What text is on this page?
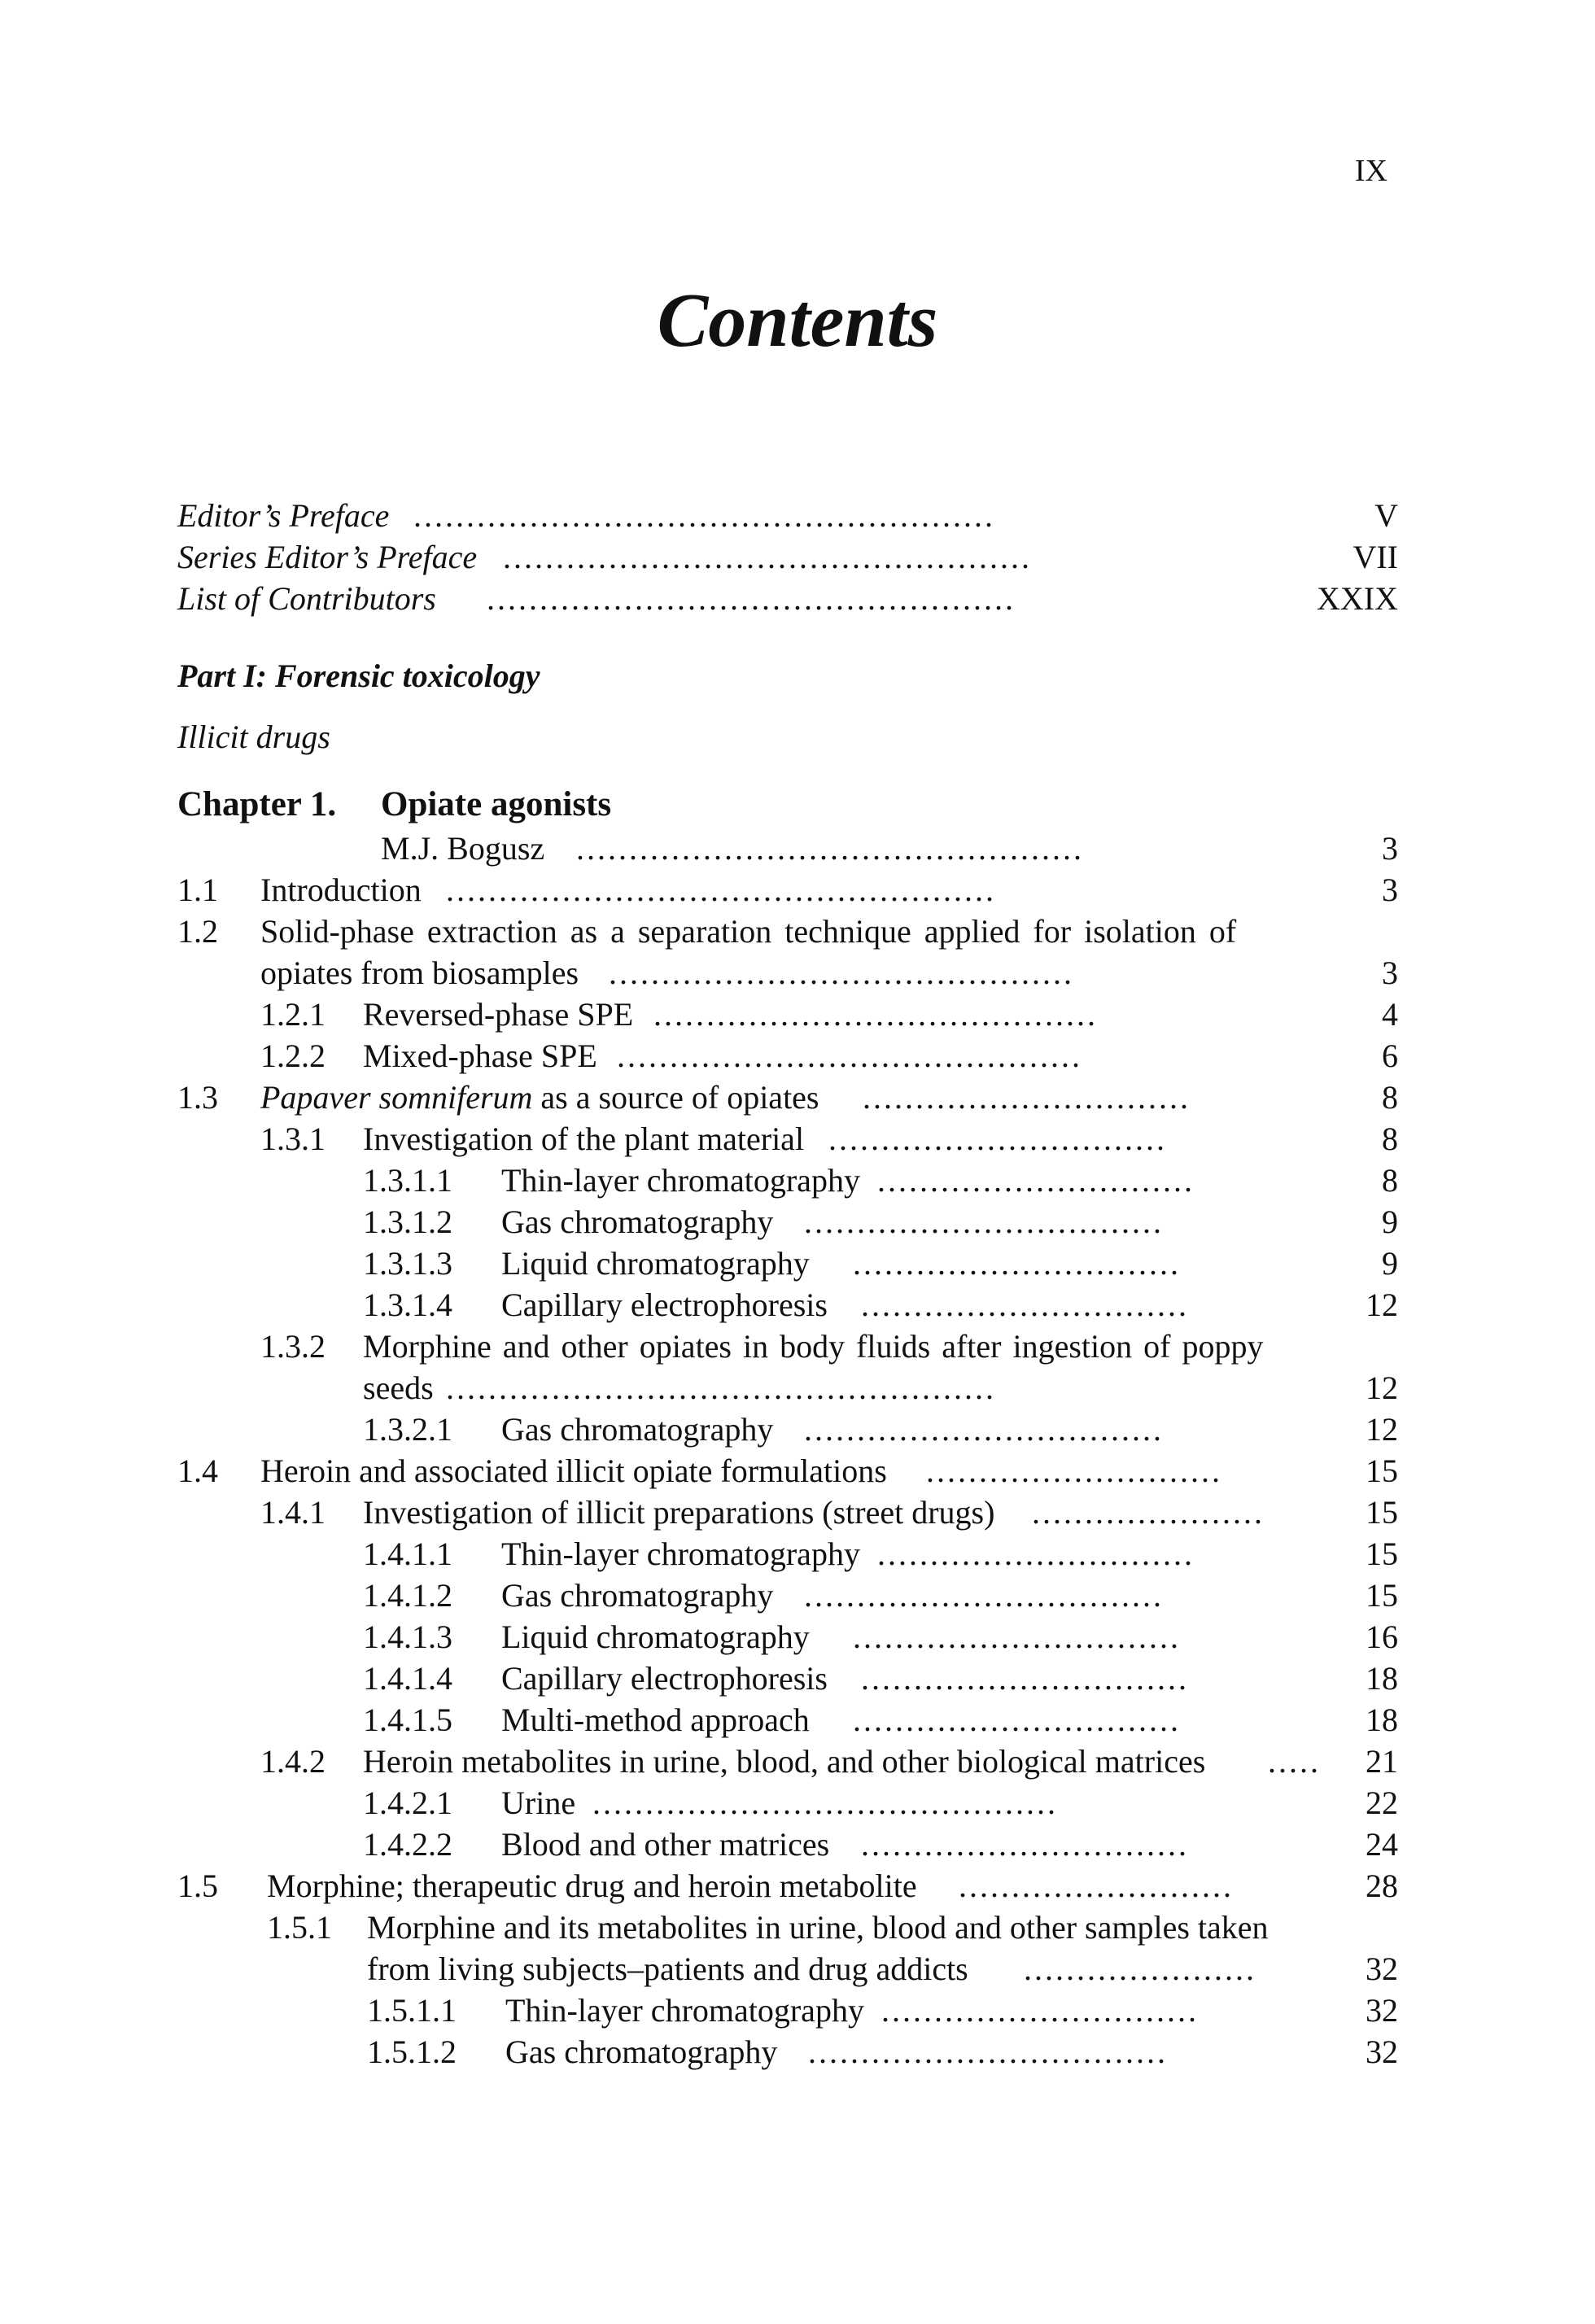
IX
Contents
Editor’s Preface .......................................................	V
Series Editor’s Preface ..................................................	VII
List of Contributors ..................................................	XXIX
Part I: Forensic toxicology
Illicit drugs
Chapter 1. Opiate agonists
M.J. Bogusz ................................................	3
1.1 Introduction ....................................................	3
1.2 Solid-phase extraction as a separation technique applied for isolation of
opiates from biosamples ............................................	3
1.2.1 Reversed-phase SPE ..........................................	4
1.2.2 Mixed-phase SPE ............................................	6
1.3 Papaver somniferum as a source of opiates ...............................	8
1.3.1 Investigation of the plant material ................................	8
1.3.1.1 Thin-layer chromatography ..............................	8
1.3.1.2 Gas chromatography ..................................	9
1.3.1.3 Liquid chromatography ...............................	9
1.3.1.4 Capillary electrophoresis ...............................	12
1.3.2 Morphine and other opiates in body fluids after ingestion of poppy
seeds ....................................................	12
1.3.2.1 Gas chromatography ..................................	12
1.4 Heroin and associated illicit opiate formulations ............................	15
1.4.1 Investigation of illicit preparations (street drugs) ......................	15
1.4.1.1 Thin-layer chromatography ..............................	15
1.4.1.2 Gas chromatography ..................................	15
1.4.1.3 Liquid chromatography ...............................	16
1.4.1.4 Capillary electrophoresis ...............................	18
1.4.1.5 Multi-method approach ...............................	18
1.4.2 Heroin metabolites in urine, blood, and other biological matrices .....	21
1.4.2.1 Urine ............................................	22
1.4.2.2 Blood and other matrices ...............................	24
1.5 Morphine; therapeutic drug and heroin metabolite ..........................	28
1.5.1 Morphine and its metabolites in urine, blood and other samples taken
from living subjects–patients and drug addicts ......................	32
1.5.1.1 Thin-layer chromatography ..............................	32
1.5.1.2 Gas chromatography ..................................	32
